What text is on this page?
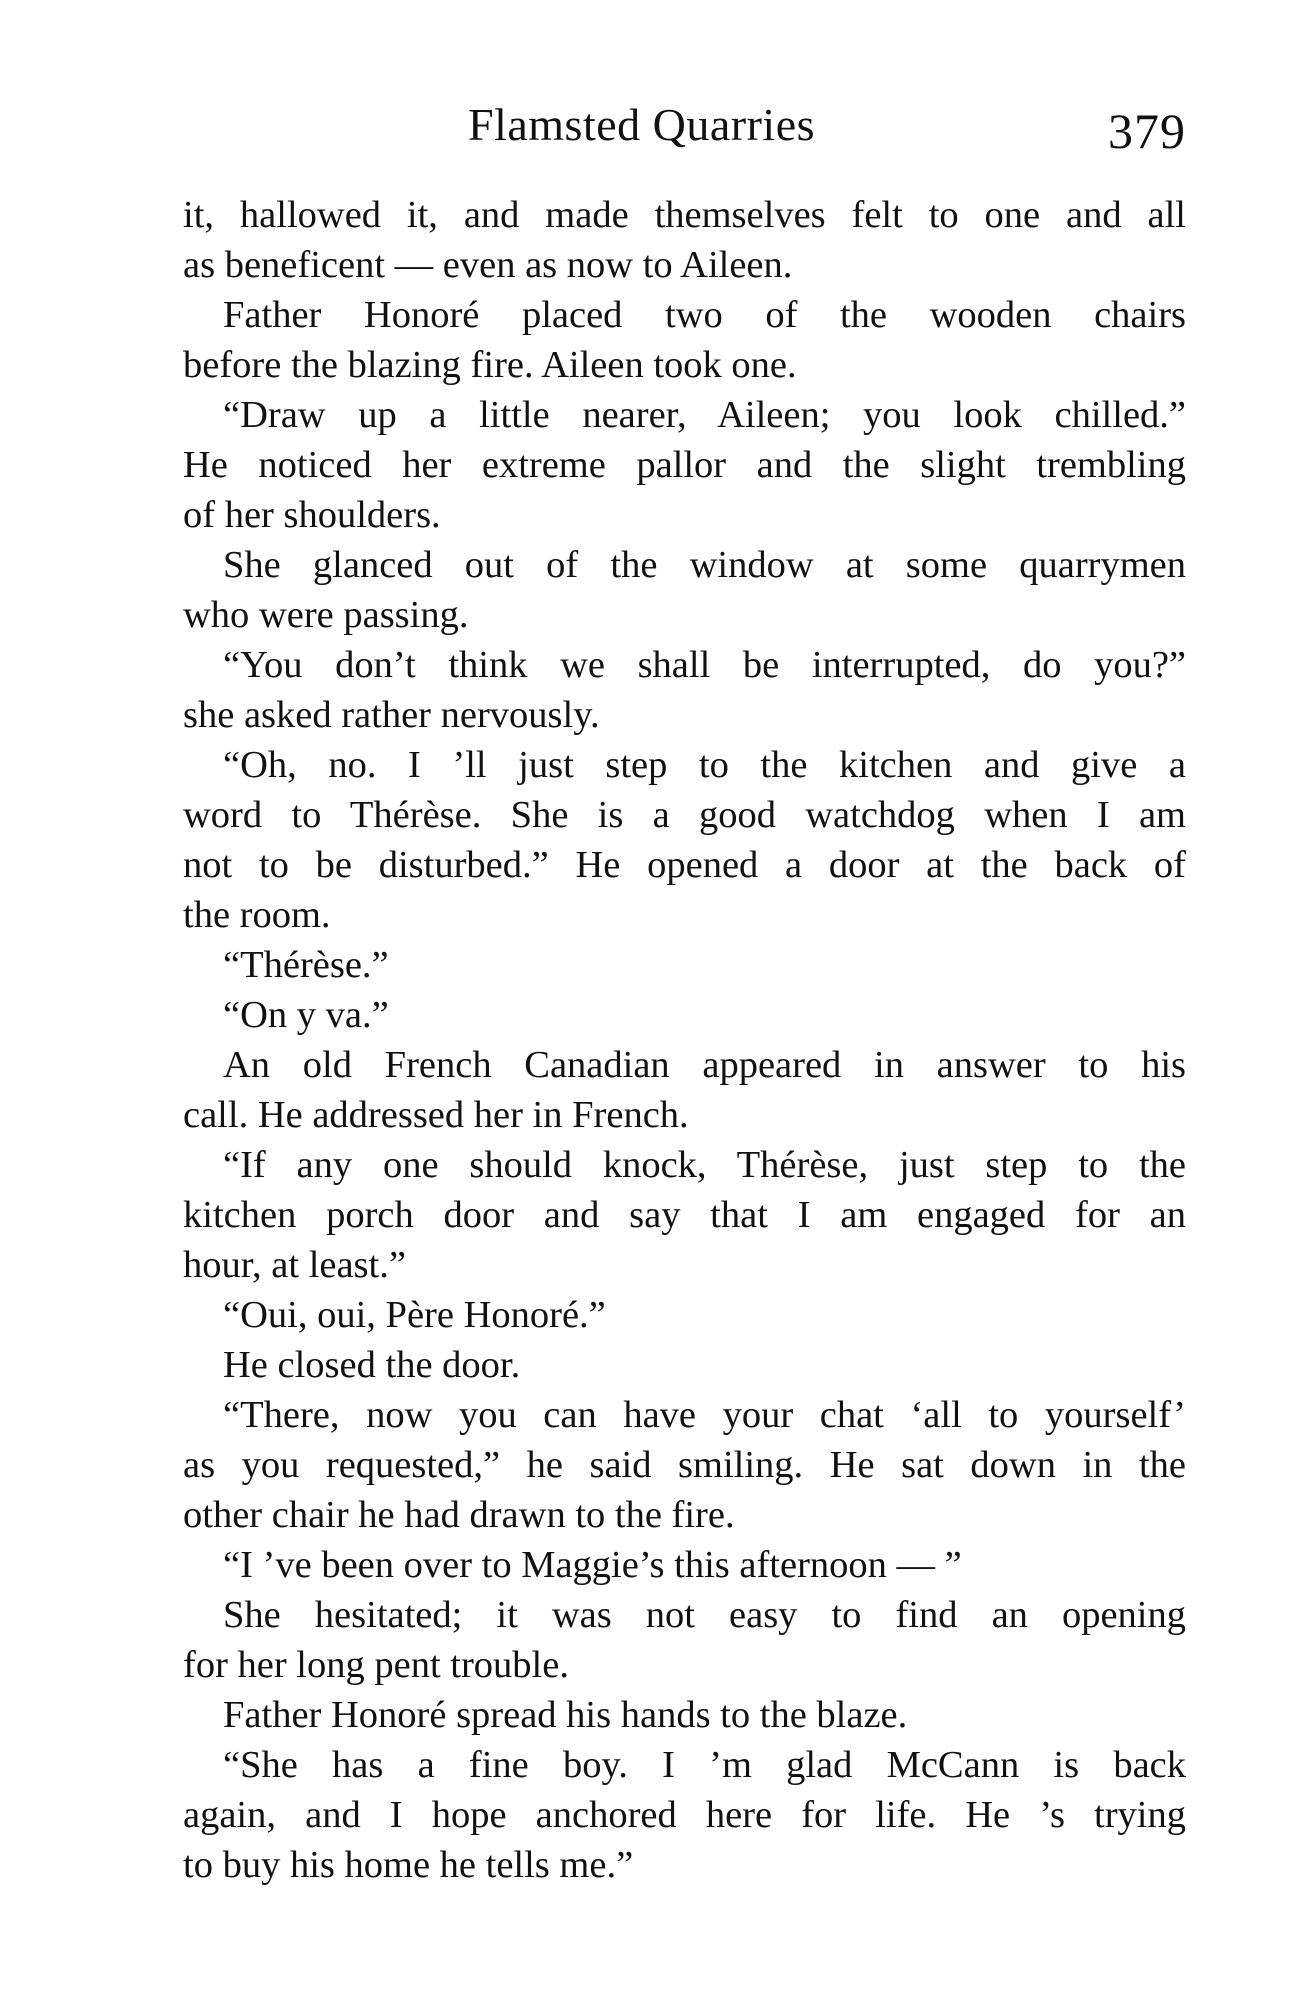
Flamsted Quarries	379
it, hallowed it, and made themselves felt to one and all
as beneficent — even as now to Aileen.
Father Honoré placed two of the wooden chairs
before the blazing fire. Aileen took one.
“Draw up a little nearer, Aileen; you look chilled.”
He noticed her extreme pallor and the slight trembling
of her shoulders.
She glanced out of the window at some quarrymen
who were passing.
“You don’t think we shall be interrupted, do you?”
she asked rather nervously.
“Oh, no. I ’ll just step to the kitchen and give a
word to Thérèse. She is a good watchdog when I am
not to be disturbed.” He opened a door at the back of
the room.
“Thérèse.”
“On y va.”
An old French Canadian appeared in answer to his
call. He addressed her in French.
“If any one should knock, Thérèse, just step to the
kitchen porch door and say that I am engaged for an
hour, at least.”
“Oui, oui, Père Honoré.”
He closed the door.
“There, now you can have your chat ‘all to yourself’
as you requested,” he said smiling. He sat down in the
other chair he had drawn to the fire.
“I ’ve been over to Maggie’s this afternoon — ”
She hesitated; it was not easy to find an opening
for her long pent trouble.
Father Honoré spread his hands to the blaze.
“She has a fine boy. I ’m glad McCann is back
again, and I hope anchored here for life. He ’s trying
to buy his home he tells me.”
